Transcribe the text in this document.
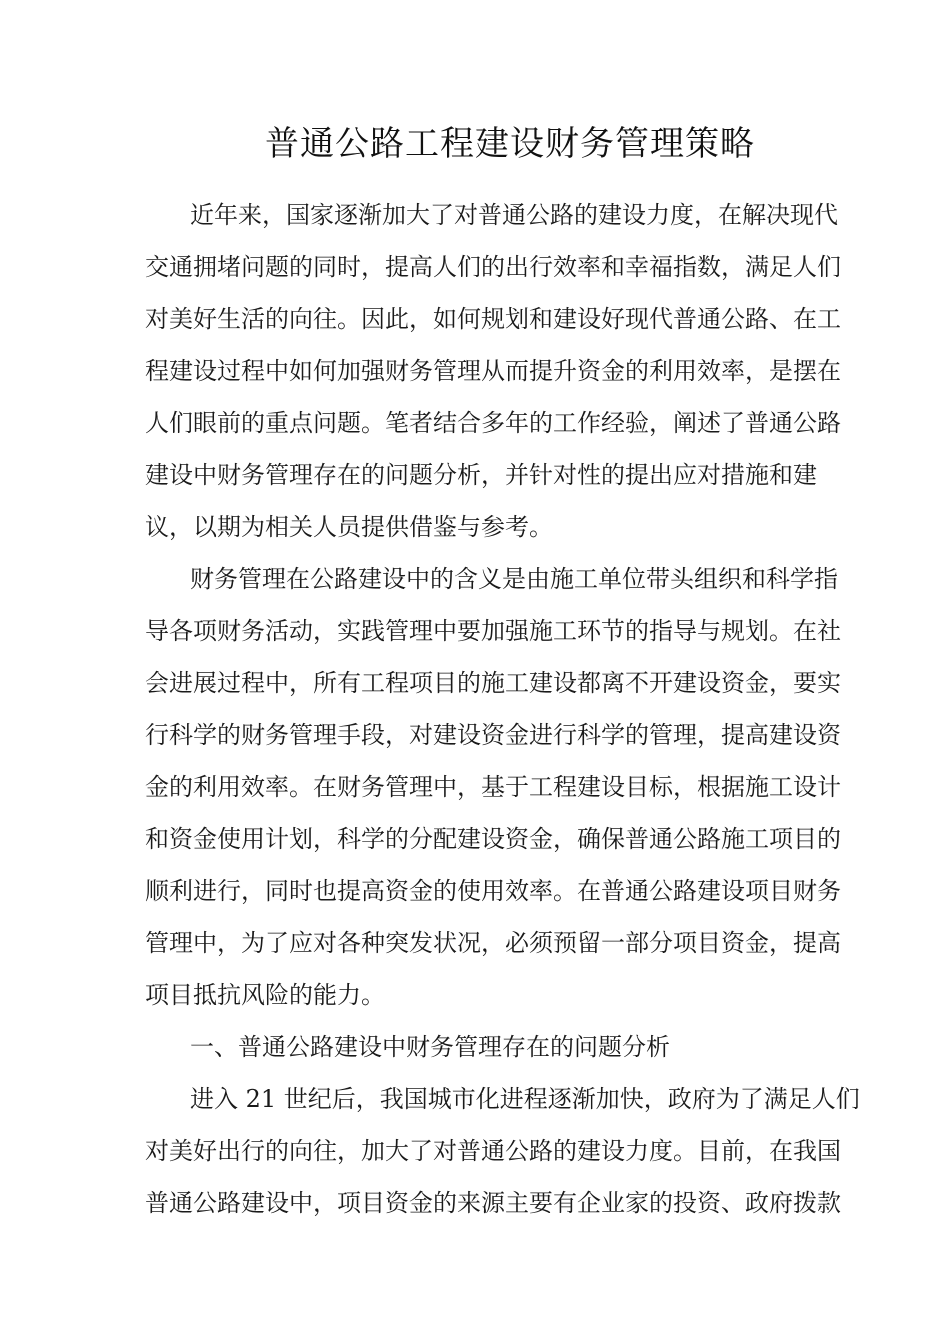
普通公路工程建设财务管理策略
近年来，国家逐渐加大了对普通公路的建设力度，在解决现代
交通拥堵问题的同时，提高人们的出行效率和幸福指数，满足人们
对美好生活的向往。因此，如何规划和建设好现代普通公路、在工
程建设过程中如何加强财务管理从而提升资金的利用效率，是摆在
人们眼前的重点问题。笔者结合多年的工作经验，阐述了普通公路
建设中财务管理存在的问题分析，并针对性的提出应对措施和建
议，以期为相关人员提供借鉴与参考。
财务管理在公路建设中的含义是由施工单位带头组织和科学指
导各项财务活动，实践管理中要加强施工环节的指导与规划。在社
会进展过程中，所有工程项目的施工建设都离不开建设资金，要实
行科学的财务管理手段，对建设资金进行科学的管理，提高建设资
金的利用效率。在财务管理中，基于工程建设目标，根据施工设计
和资金使用计划，科学的分配建设资金，确保普通公路施工项目的
顺利进行，同时也提高资金的使用效率。在普通公路建设项目财务
管理中，为了应对各种突发状况，必须预留一部分项目资金，提高
项目抵抗风险的能力。
一、普通公路建设中财务管理存在的问题分析
进入 21 世纪后，我国城市化进程逐渐加快，政府为了满足人们
对美好出行的向往，加大了对普通公路的建设力度。目前，在我国
普通公路建设中，项目资金的来源主要有企业家的投资、政府拨款
